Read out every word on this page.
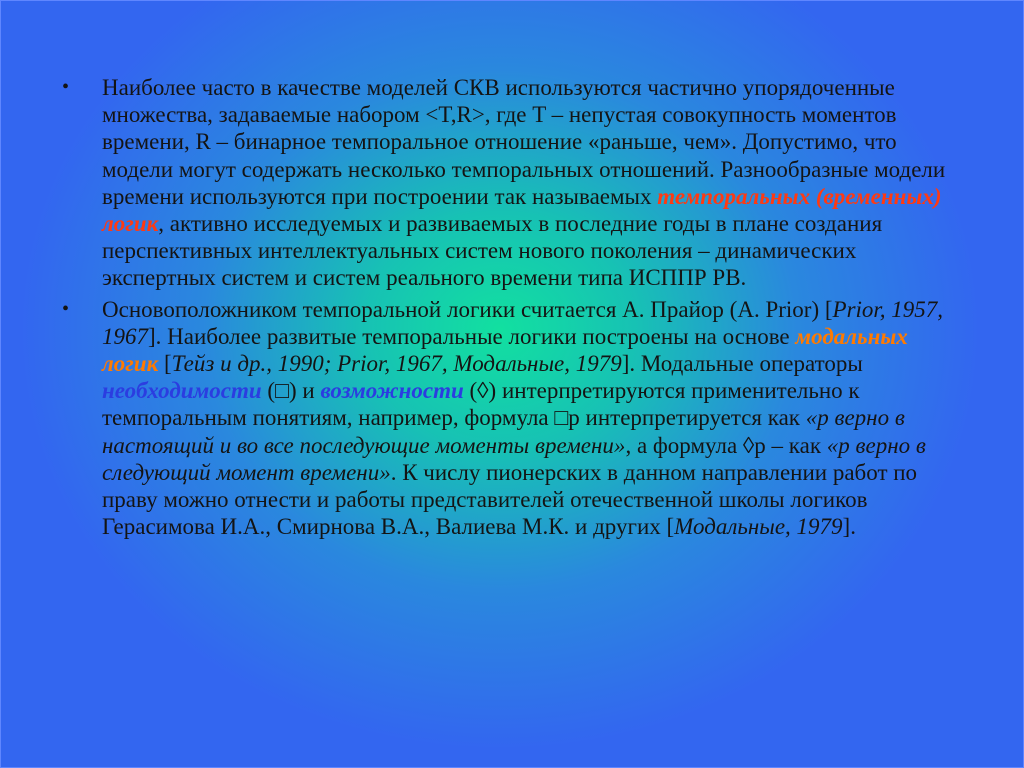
• Наиболее часто в качестве моделей СКВ используются частично упорядоченные множества, задаваемые набором <T,R>, где T – непустая совокупность моментов времени, R – бинарное темпоральное отношение «раньше, чем». Допустимо, что модели могут содержать несколько темпоральных отношений. Разнообразные модели времени используются при построении так называемых темпоральных (временных) логик, активно исследуемых и развиваемых в последние годы в плане создания перспективных интеллектуальных систем нового поколения – динамических экспертных систем и систем реального времени типа ИСППР РВ.
• Основоположником темпоральной логики считается А. Прайор (A. Prior) [Prior, 1957, 1967]. Наиболее развитые темпоральные логики построены на основе модальных логик [Тейз и др., 1990; Prior, 1967, Модальные, 1979]. Модальные операторы необходимости (□) и возможности (◊) интерпретируются применительно к темпоральным понятиям, например, формула □p интерпретируется как «p верно в настоящий и во все последующие моменты времени», а формула ◊p – как «p верно в следующий момент времени». К числу пионерских в данном направлении работ по праву можно отнести и работы представителей отечественной школы логиков Герасимова И.А., Смирнова В.А., Валиева М.К. и других [Модальные, 1979].
